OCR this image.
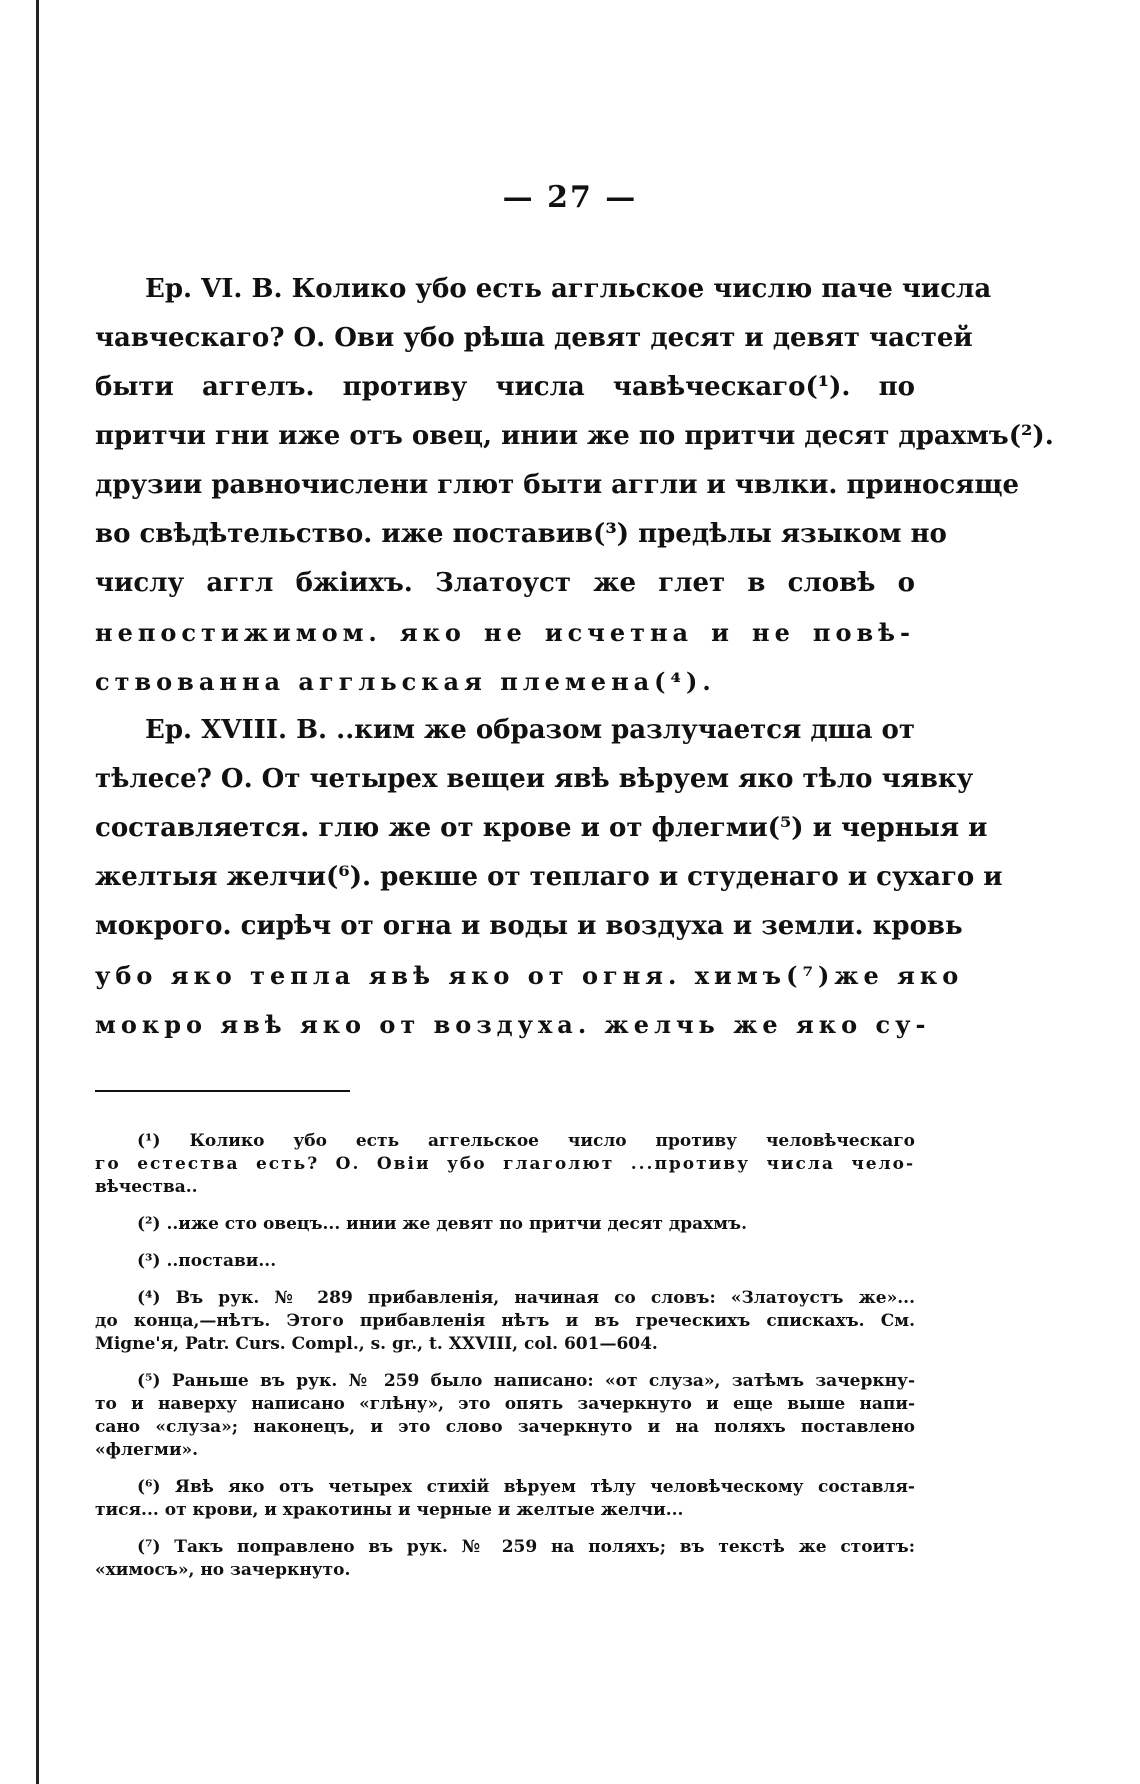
— 27 —
Ер. VI. В. Колико убо есть аггльское числю паче числа
чавческаго? О. Ови убо рѣша девят десят и девят частей
быти аггелъ. противу числа чавѣческаго(¹). по
притчи гни иже отъ овец, инии же по притчи десят драхмъ(²).
друзии равночислени глют быти аггли и чвлки. приносяще
во свѣдѣтельство. иже поставив(³) предѣлы языком но
числу аггл бжіихъ. Златоуст же глет в словѣ о
непостижимом. яко не исчетна и не повѣ-
ствованна аггльская племена(⁴).
Ер. XVIII. В. ..ким же образом разлучается дша от
тѣлесе? О. От четырех вещеи явѣ вѣруем яко тѣло чявку
составляется. глю же от крове и от флегми(⁵) и черныя и
желтыя желчи(⁶). рекше от теплаго и студенаго и сухаго и
мокрого. сирѣч от огна и воды и воздуха и земли. кровь
убо яко тепла явѣ яко от огня. химъ(⁷)же яко
мокро явѣ яко от воздуха. желчь же яко су-
(¹) Колико убо есть аггельское число противу человѣческаго
го естества есть? О. Овіи убо глаголют ...противу числа чело-
вѣчества..
(²) ..иже сто овецъ... инии же девят по притчи десят драхмъ.
(³) ..постави...
(⁴) Въ рук. № 289 прибавленія, начиная со словъ: «Златоустъ же»...
до конца,—нѣтъ. Этого прибавленія нѣтъ и въ греческихъ спискахъ. См.
Migne'я, Patr. Curs. Compl., s. gr., t. XXVIII, col. 601—604.
(⁵) Раньше въ рук. № 259 было написано: «от слуза», затѣмъ зачеркну-
то и наверху написано «глѣну», это опять зачеркнуто и еще выше напи-
сано «слуза»; наконецъ, и это слово зачеркнуто и на поляхъ поставлено
«флегми».
(⁶) Явѣ яко отъ четырех стихій вѣруем тѣлу человѣческому составля-
тися... от крови, и хракотины и черные и желтые желчи...
(⁷) Такъ поправлено въ рук. № 259 на поляхъ; въ текстѣ же стоитъ:
«химосъ», но зачеркнуто.
